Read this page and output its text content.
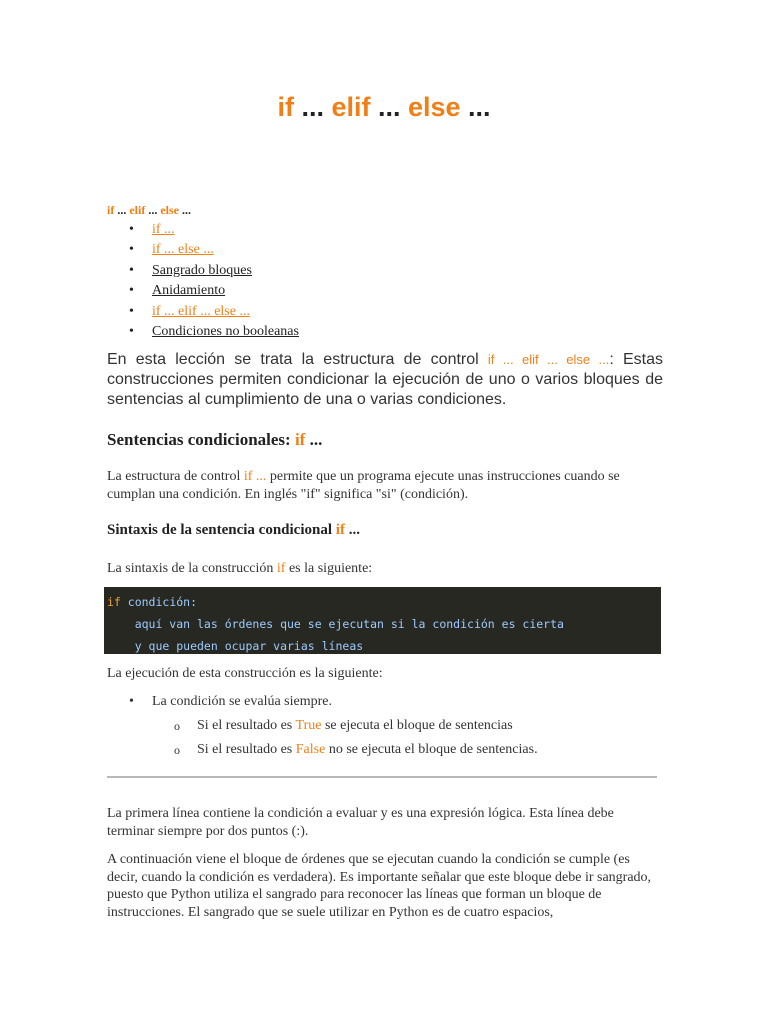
if ... elif ... else ...
if ... elif ... else ...
• if ...
• if ... else ...
• Sangrado bloques
• Anidamiento
• if ... elif ... else ...
• Condiciones no booleanas

En esta lección se trata la estructura de control if ... elif ... else ...: Estas construcciones permiten condicionar la ejecución de uno o varios bloques de sentencias al cumplimiento de una o varias condiciones.

Sentencias condicionales: if ...

La estructura de control if ... permite que un programa ejecute unas instrucciones cuando se cumplan una condición. En inglés "if" significa "si" (condición).

Sintaxis de la sentencia condicional if ...

La sintaxis de la construcción if es la siguiente:

if condición:
aquí van las órdenes que se ejecutan si la condición es cierta
y que pueden ocupar varias líneas

La ejecución de esta construcción es la siguiente:

• La condición se evalúa siempre.
o Si el resultado es True se ejecuta el bloque de sentencias
o Si el resultado es False no se ejecuta el bloque de sentencias.

La primera línea contiene la condición a evaluar y es una expresión lógica. Esta línea debe terminar siempre por dos puntos (:).

A continuación viene el bloque de órdenes que se ejecutan cuando la condición se cumple (es decir, cuando la condición es verdadera). Es importante señalar que este bloque debe ir sangrado, puesto que Python utiliza el sangrado para reconocer las líneas que forman un bloque de instrucciones. El sangrado que se suele utilizar en Python es de cuatro espacios,
